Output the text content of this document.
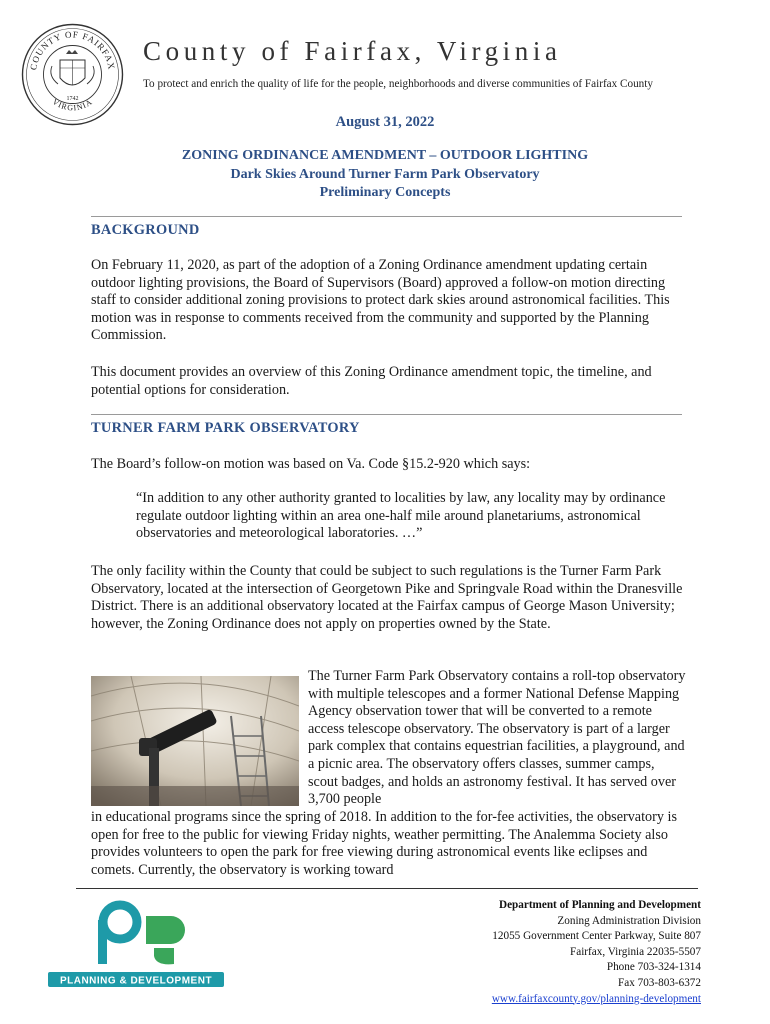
COUNTY OF FAIRFAX
VIRGINIA
1742
County of Fairfax, Virginia
To protect and enrich the quality of life for the people, neighborhoods and diverse communities of Fairfax County
August 31, 2022
ZONING ORDINANCE AMENDMENT – OUTDOOR LIGHTING
Dark Skies Around Turner Farm Park Observatory
Preliminary Concepts
BACKGROUND

On February 11, 2020, as part of the adoption of a Zoning Ordinance amendment updating certain outdoor lighting provisions, the Board of Supervisors (Board) approved a follow-on motion directing staff to consider additional zoning provisions to protect dark skies around astronomical facilities. This motion was in response to comments received from the community and supported by the Planning Commission.

This document provides an overview of this Zoning Ordinance amendment topic, the timeline, and potential options for consideration.

TURNER FARM PARK OBSERVATORY

The Board’s follow-on motion was based on Va. Code §15.2-920 which says:

“In addition to any other authority granted to localities by law, any locality may by ordinance regulate outdoor lighting within an area one-half mile around planetariums, astronomical observatories and meteorological laboratories. …”

The only facility within the County that could be subject to such regulations is the Turner Farm Park Observatory, located at the intersection of Georgetown Pike and Springvale Road within the Dranesville District. There is an additional observatory located at the Fairfax campus of George Mason University; however, the Zoning Ordinance does not apply on properties owned by the State.

The Turner Farm Park Observatory contains a roll-top observatory with multiple telescopes and a former National Defense Mapping Agency observation tower that will be converted to a remote access telescope observatory. The observatory is part of a larger park complex that contains equestrian facilities, a playground, and a picnic area. The observatory offers classes, summer camps, scout badges, and holds an astronomy festival. It has served over 3,700 people

in educational programs since the spring of 2018. In addition to the for-fee activities, the observatory is open for free to the public for viewing Friday nights, weather permitting. The Analemma Society also provides volunteers to open the park for free viewing during astronomical events like eclipses and comets. Currently, the observatory is working toward

PLANNING & DEVELOPMENT
Department of Planning and Development
Zoning Administration Division
12055 Government Center Parkway, Suite 807
Fairfax, Virginia 22035-5507
Phone 703-324-1314
Fax 703-803-6372
www.fairfaxcounty.gov/planning-development
